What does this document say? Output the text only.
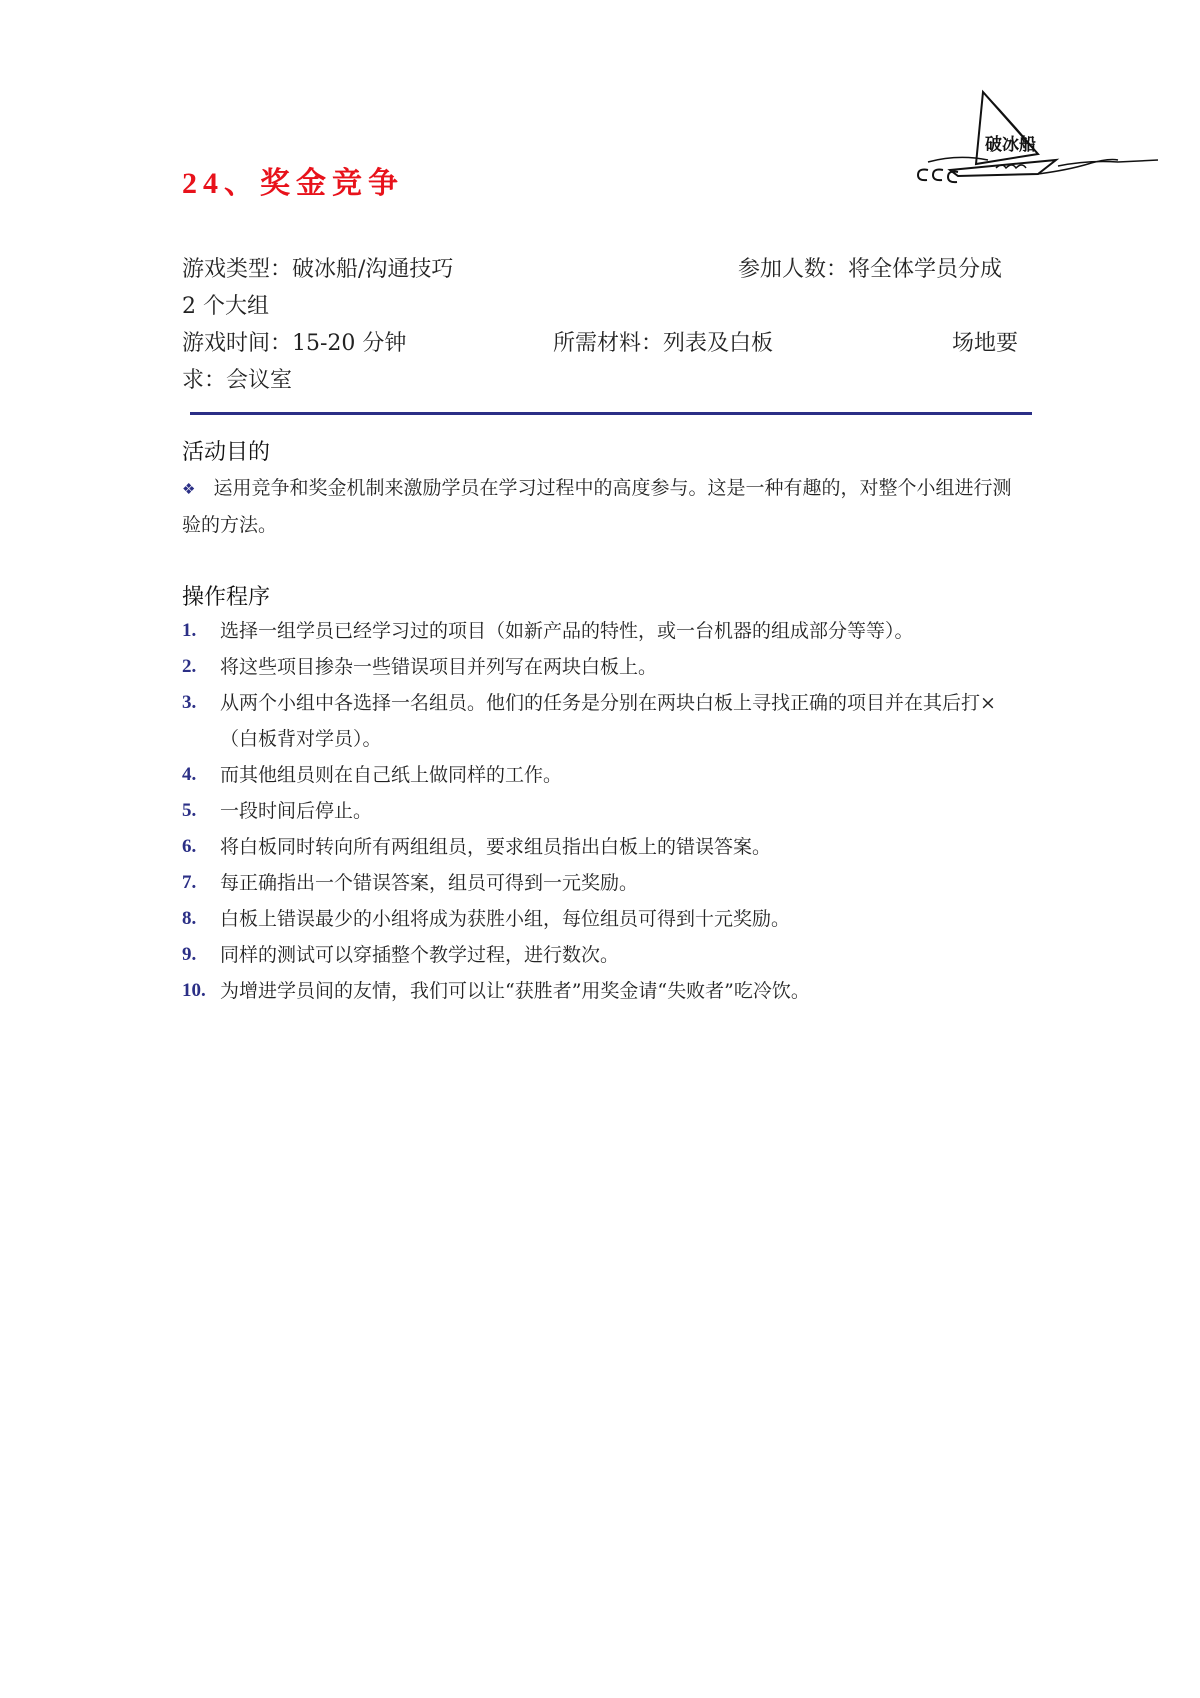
24、奖金竞争
破冰船
游戏类型：破冰船/沟通技巧	参加人数：将全体学员分成
2 个大组
游戏时间：15-20 分钟	所需材料：列表及白板	场地要
求：会议室
活动目的
❖ 运用竞争和奖金机制来激励学员在学习过程中的高度参与。这是一种有趣的，对整个小组进行测验的方法。
操作程序
1. 选择一组学员已经学习过的项目（如新产品的特性，或一台机器的组成部分等等）。
2. 将这些项目掺杂一些错误项目并列写在两块白板上。
3. 从两个小组中各选择一名组员。他们的任务是分别在两块白板上寻找正确的项目并在其后打×（白板背对学员）。
4. 而其他组员则在自己纸上做同样的工作。
5. 一段时间后停止。
6. 将白板同时转向所有两组组员，要求组员指出白板上的错误答案。
7. 每正确指出一个错误答案，组员可得到一元奖励。
8. 白板上错误最少的小组将成为获胜小组，每位组员可得到十元奖励。
9. 同样的测试可以穿插整个教学过程，进行数次。
10. 为增进学员间的友情，我们可以让“获胜者”用奖金请“失败者”吃冷饮。
